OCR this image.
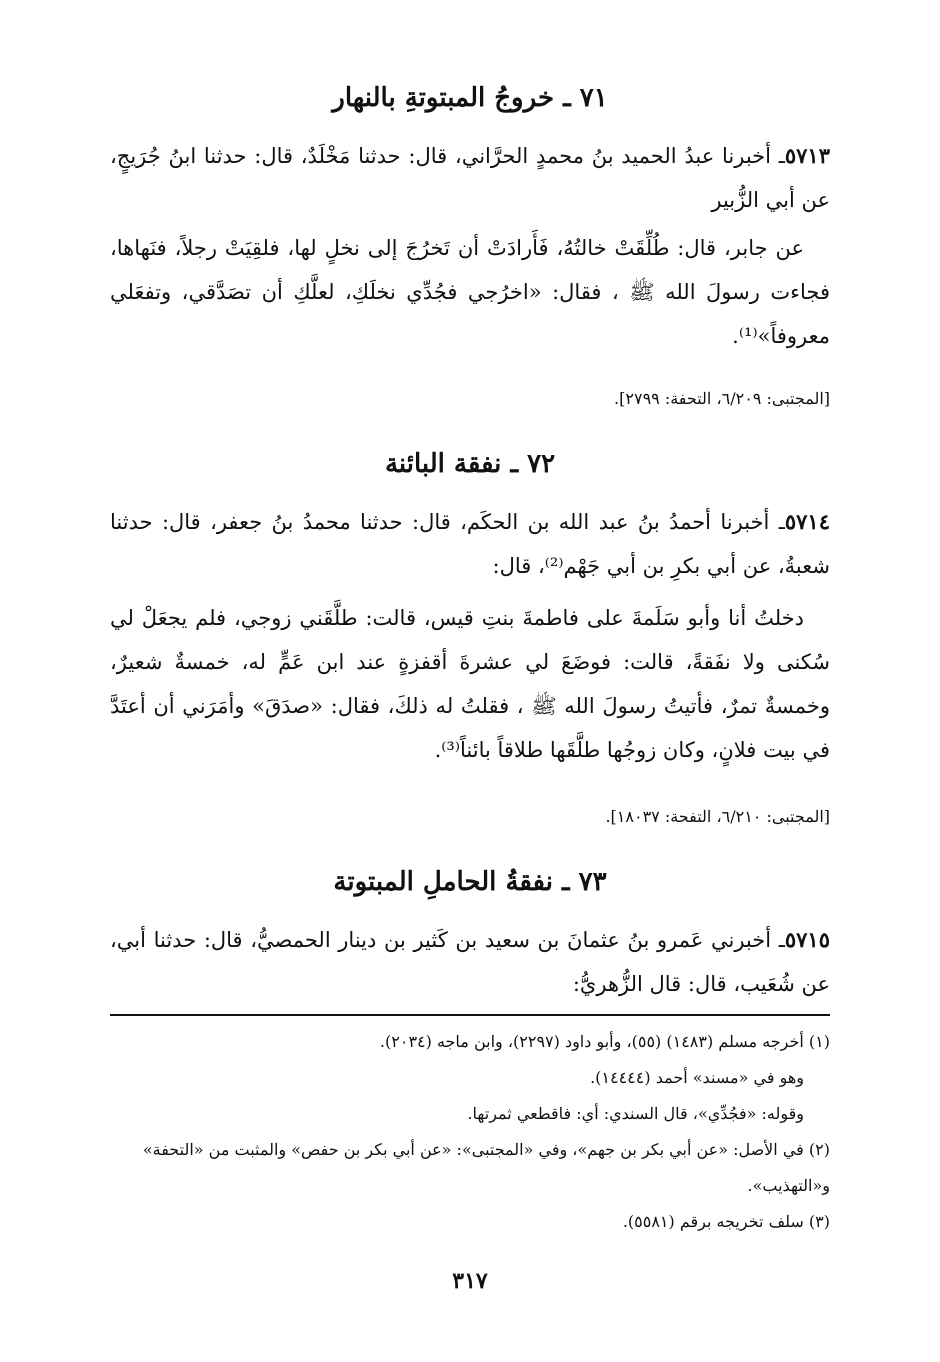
٧١ ـ خروجُ المبتوتةِ بالنهار
٥٧١٣ـ أخبرنا عبدُ الحميد بنُ محمدٍ الحرَّاني، قال: حدثنا مَخْلَدٌ، قال: حدثنا ابنُ جُرَيجٍ، عن أبي الزُّبير
عن جابر، قال: طُلِّقَتْ خالتُهُ، فَأَرادَتْ أن تَخرُجَ إلى نخلٍ لها، فلقِيَتْ رجلاً، فنَهاها، فجاءت رسولَ الله ﷺ ، فقال: «اخرُجي فجُدِّي نخلَكِ، لعلَّكِ أن تصَدَّقي، وتفعَلي معروفاً»⁽¹⁾.
[المجتبى: ٦/٢٠٩، التحفة: ٢٧٩٩].
٧٢ ـ نفقة البائنة
٥٧١٤ـ أخبرنا أحمدُ بنُ عبد الله بن الحكَم، قال: حدثنا محمدُ بنُ جعفر، قال: حدثنا شعبةُ، عن أبي بكرِ بن أبي جَهْم⁽²⁾، قال:
دخلتُ أنا وأبو سَلَمةَ على فاطمةَ بنتِ قيس، قالت: طلَّقَني زوجي، فلم يجعَلْ لي سُكنى ولا نفَقةً، قالت: فوضَعَ لي عشرةَ أقفزةٍ عند ابن عَمٍّ له، خمسةٌ شعيرٌ، وخمسةٌ تمرٌ، فأتيتُ رسولَ الله ﷺ ، فقلتُ له ذلكَ، فقال: «صدَقَ» وأمَرَني أن أعتَدَّ في بيت فلانٍ، وكان زوجُها طلَّقَها طلاقاً بائناً⁽³⁾.
[المجتبى: ٦/٢١٠، التفحة: ١٨٠٣٧].
٧٣ ـ نفقةُ الحاملِ المبتوتة
٥٧١٥ـ أخبرني عَمرو بنُ عثمانَ بن سعيد بن كَثير بن دينار الحمصيُّ، قال: حدثنا أبي، عن شُعَيب، قال: قال الزُّهريُّ:

(١) أخرجه مسلم (١٤٨٣) (٥٥)، وأبو داود (٢٢٩٧)، وابن ماجه (٢٠٣٤).

وهو في «مسند» أحمد (١٤٤٤٤).

وقوله: «فجُدِّي»، قال السندي: أي: فاقطعي ثمرتها.

(٢) في الأصل: «عن أبي بكر بن جهم»، وفي «المجتبى»: «عن أبي بكر بن حفص» والمثبت من «التحفة» و«التهذيب».

(٣) سلف تخريجه برقم (٥٥٨١).

٣١٧
